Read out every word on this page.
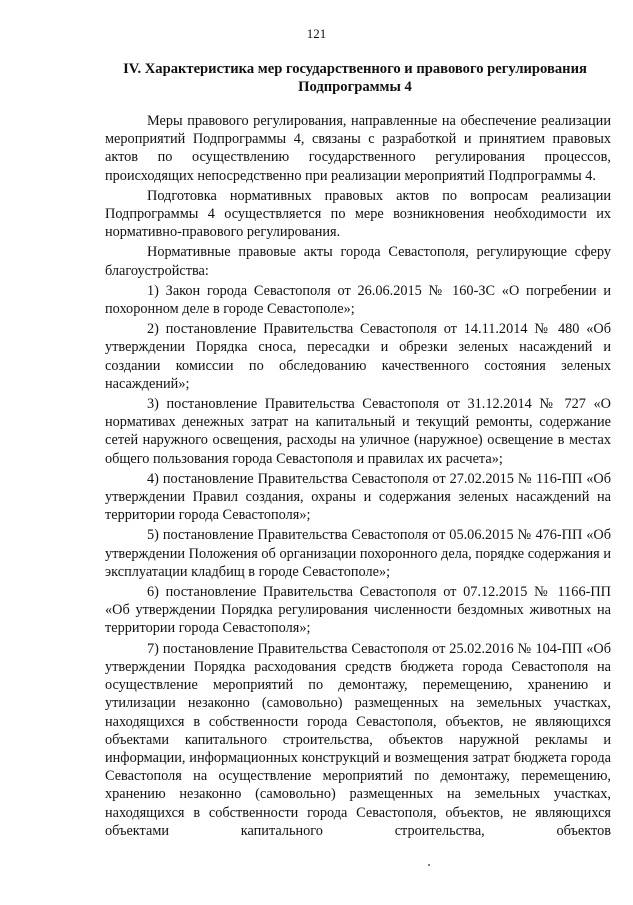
121
IV. Характеристика мер государственного и правового регулирования
Подпрограммы 4

Меры правового регулирования, направленные на обеспечение реализации мероприятий Подпрограммы 4, связаны с разработкой и принятием правовых актов по осуществлению государственного регулирования процессов, происходящих непосредственно при реализации мероприятий Подпрограммы 4.

Подготовка нормативных правовых актов по вопросам реализации Подпрограммы 4 осуществляется по мере возникновения необходимости их нормативно-правового регулирования.

Нормативные правовые акты города Севастополя, регулирующие сферу благоустройства:

1) Закон города Севастополя от 26.06.2015 № 160-ЗС «О погребении и похоронном деле в городе Севастополе»;

2) постановление Правительства Севастополя от 14.11.2014 № 480 «Об утверждении Порядка сноса, пересадки и обрезки зеленых насаждений и создании комиссии по обследованию качественного состояния зеленых насаждений»;

3) постановление Правительства Севастополя от 31.12.2014 № 727 «О нормативах денежных затрат на капитальный и текущий ремонты, содержание сетей наружного освещения, расходы на уличное (наружное) освещение в местах общего пользования города Севастополя и правилах их расчета»;

4) постановление Правительства Севастополя от 27.02.2015 № 116-ПП «Об утверждении Правил создания, охраны и содержания зеленых насаждений на территории города Севастополя»;

5) постановление Правительства Севастополя от 05.06.2015 № 476-ПП «Об утверждении Положения об организации похоронного дела, порядке содержания и эксплуатации кладбищ в городе Севастополе»;

6) постановление Правительства Севастополя от 07.12.2015 № 1166-ПП «Об утверждении Порядка регулирования численности бездомных животных на территории города Севастополя»;

7) постановление Правительства Севастополя от 25.02.2016 № 104-ПП «Об утверждении Порядка расходования средств бюджета города Севастополя на осуществление мероприятий по демонтажу, перемещению, хранению и утилизации незаконно (самовольно) размещенных на земельных участках, находящихся в собственности города Севастополя, объектов, не являющихся объектами капитального строительства, объектов наружной рекламы и информации, информационных конструкций и возмещения затрат бюджета города Севастополя на осуществление мероприятий по демонтажу, перемещению, хранению незаконно (самовольно) размещенных на земельных участках, находящихся в собственности города Севастополя, объектов, не являющихся объектами капитального строительства, объектов
